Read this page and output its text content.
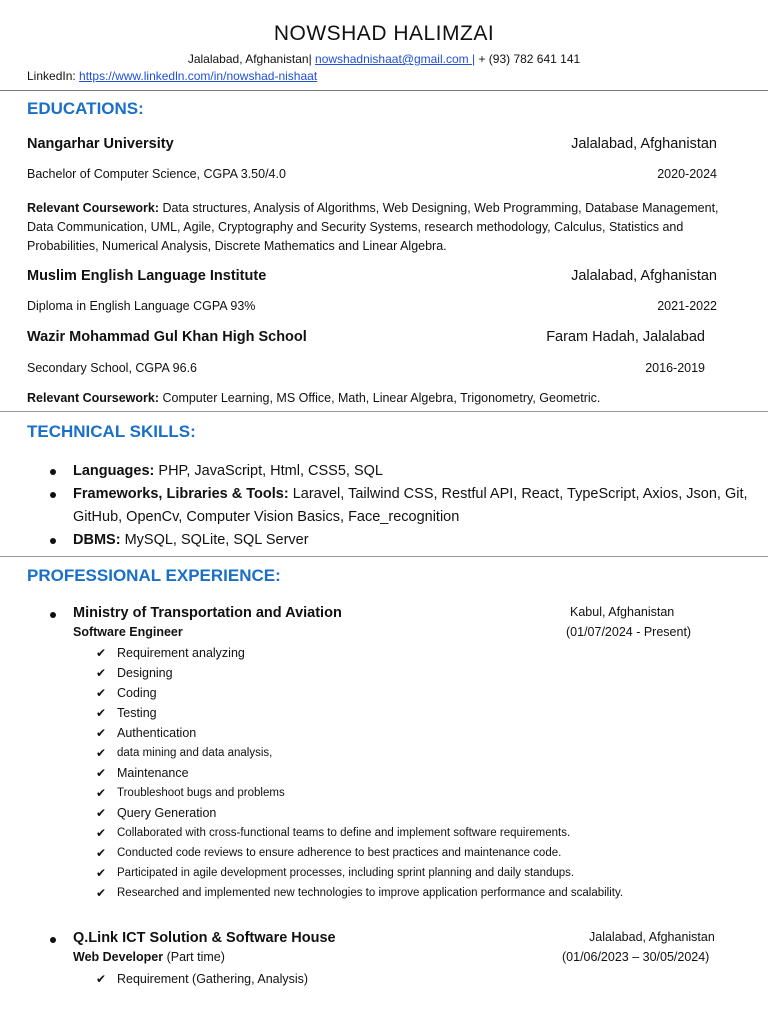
NOWSHAD HALIMZAI
Jalalabad, Afghanistan| nowshadnishaat@gmail.com | + (93) 782 641 141
LinkedIn: https://www.linkedln.com/in/nowshad-nishaat
EDUCATIONS:
Nangarhar University	Jalalabad, Afghanistan
Bachelor of Computer Science, CGPA 3.50/4.0	2020-2024
Relevant Coursework: Data structures, Analysis of Algorithms, Web Designing, Web Programming, Database Management, Data Communication, UML, Agile, Cryptography and Security Systems, research methodology, Calculus, Statistics and Probabilities, Numerical Analysis, Discrete Mathematics and Linear Algebra.
Muslim English Language Institute	Jalalabad, Afghanistan
Diploma in English Language CGPA 93%	2021-2022
Wazir Mohammad Gul Khan High School	Faram Hadah, Jalalabad
Secondary School, CGPA 96.6	2016-2019
Relevant Coursework: Computer Learning, MS Office, Math, Linear Algebra, Trigonometry, Geometric.
TECHNICAL SKILLS:
Languages: PHP, JavaScript, Html, CSS5, SQL
Frameworks, Libraries & Tools: Laravel, Tailwind CSS, Restful API, React, TypeScript, Axios, Json, Git, GitHub, OpenCv, Computer Vision Basics, Face_recognition
DBMS: MySQL, SQLite, SQL Server
PROFESSIONAL EXPERIENCE:
Ministry of Transportation and Aviation	Kabul, Afghanistan
Software Engineer	(01/07/2024 - Present)
✔ Requirement analyzing
✔ Designing
✔ Coding
✔ Testing
✔ Authentication
✔ data mining and data analysis,
✔ Maintenance
✔ Troubleshoot bugs and problems
✔ Query Generation
✔ Collaborated with cross-functional teams to define and implement software requirements.
✔ Conducted code reviews to ensure adherence to best practices and maintenance code.
✔ Participated in agile development processes, including sprint planning and daily standups.
✔ Researched and implemented new technologies to improve application performance and scalability.
Q.Link ICT Solution & Software House	Jalalabad, Afghanistan
Web Developer (Part time)	(01/06/2023 – 30/05/2024)
✔ Requirement (Gathering, Analysis)
